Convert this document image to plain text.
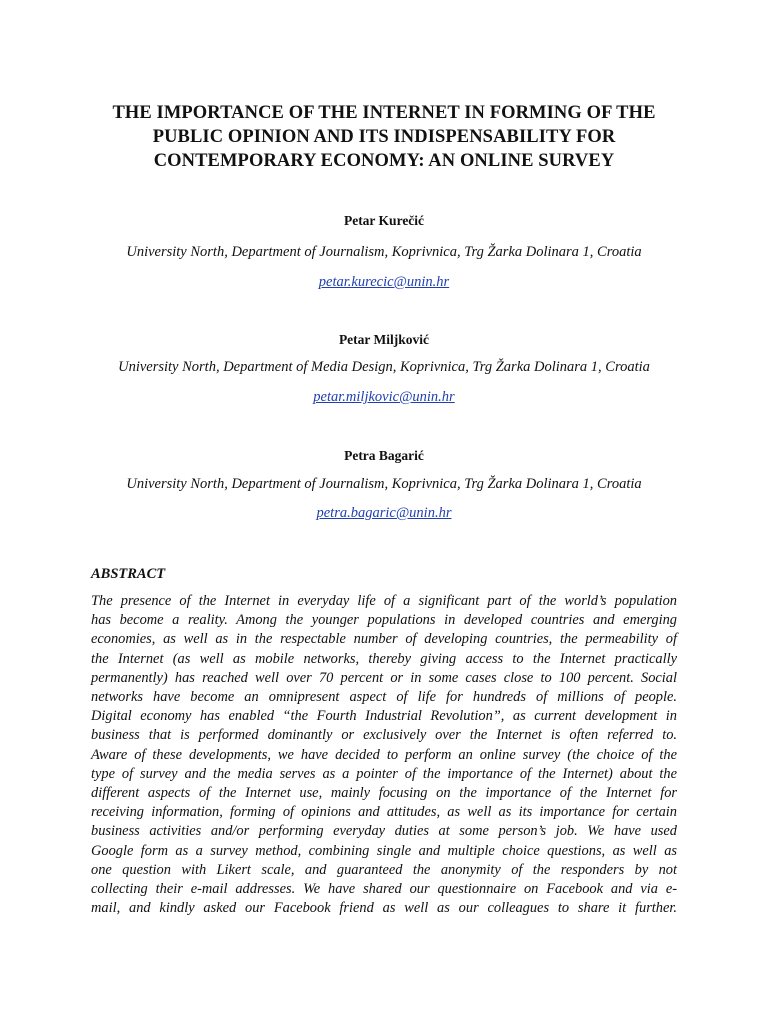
THE IMPORTANCE OF THE INTERNET IN FORMING OF THE
PUBLIC OPINION AND ITS INDISPENSABILITY FOR
CONTEMPORARY ECONOMY: AN ONLINE SURVEY
Petar Kurečić
University North, Department of Journalism, Koprivnica, Trg Žarka Dolinara 1, Croatia
petar.kurecic@unin.hr
Petar Miljković
University North, Department of Media Design, Koprivnica, Trg Žarka Dolinara 1, Croatia
petar.miljkovic@unin.hr
Petra Bagarić
University North, Department of Journalism, Koprivnica, Trg Žarka Dolinara 1, Croatia
petra.bagaric@unin.hr
ABSTRACT
The presence of the Internet in everyday life of a significant part of the world’s population
has become a reality. Among the younger populations in developed countries and emerging
economies, as well as in the respectable number of developing countries, the permeability of
the Internet (as well as mobile networks, thereby giving access to the Internet practically
permanently) has reached well over 70 percent or in some cases close to 100 percent. Social
networks have become an omnipresent aspect of life for hundreds of millions of people.
Digital economy has enabled “the Fourth Industrial Revolution”, as current development in
business that is performed dominantly or exclusively over the Internet is often referred to.
Aware of these developments, we have decided to perform an online survey (the choice of the
type of survey and the media serves as a pointer of the importance of the Internet) about the
different aspects of the Internet use, mainly focusing on the importance of the Internet for
receiving information, forming of opinions and attitudes, as well as its importance for certain
business activities and/or performing everyday duties at some person’s job. We have used
Google form as a survey method, combining single and multiple choice questions, as well as
one question with Likert scale, and guaranteed the anonymity of the responders by not
collecting their e-mail addresses. We have shared our questionnaire on Facebook and via e-
mail, and kindly asked our Facebook friend as well as our colleagues to share it further.
